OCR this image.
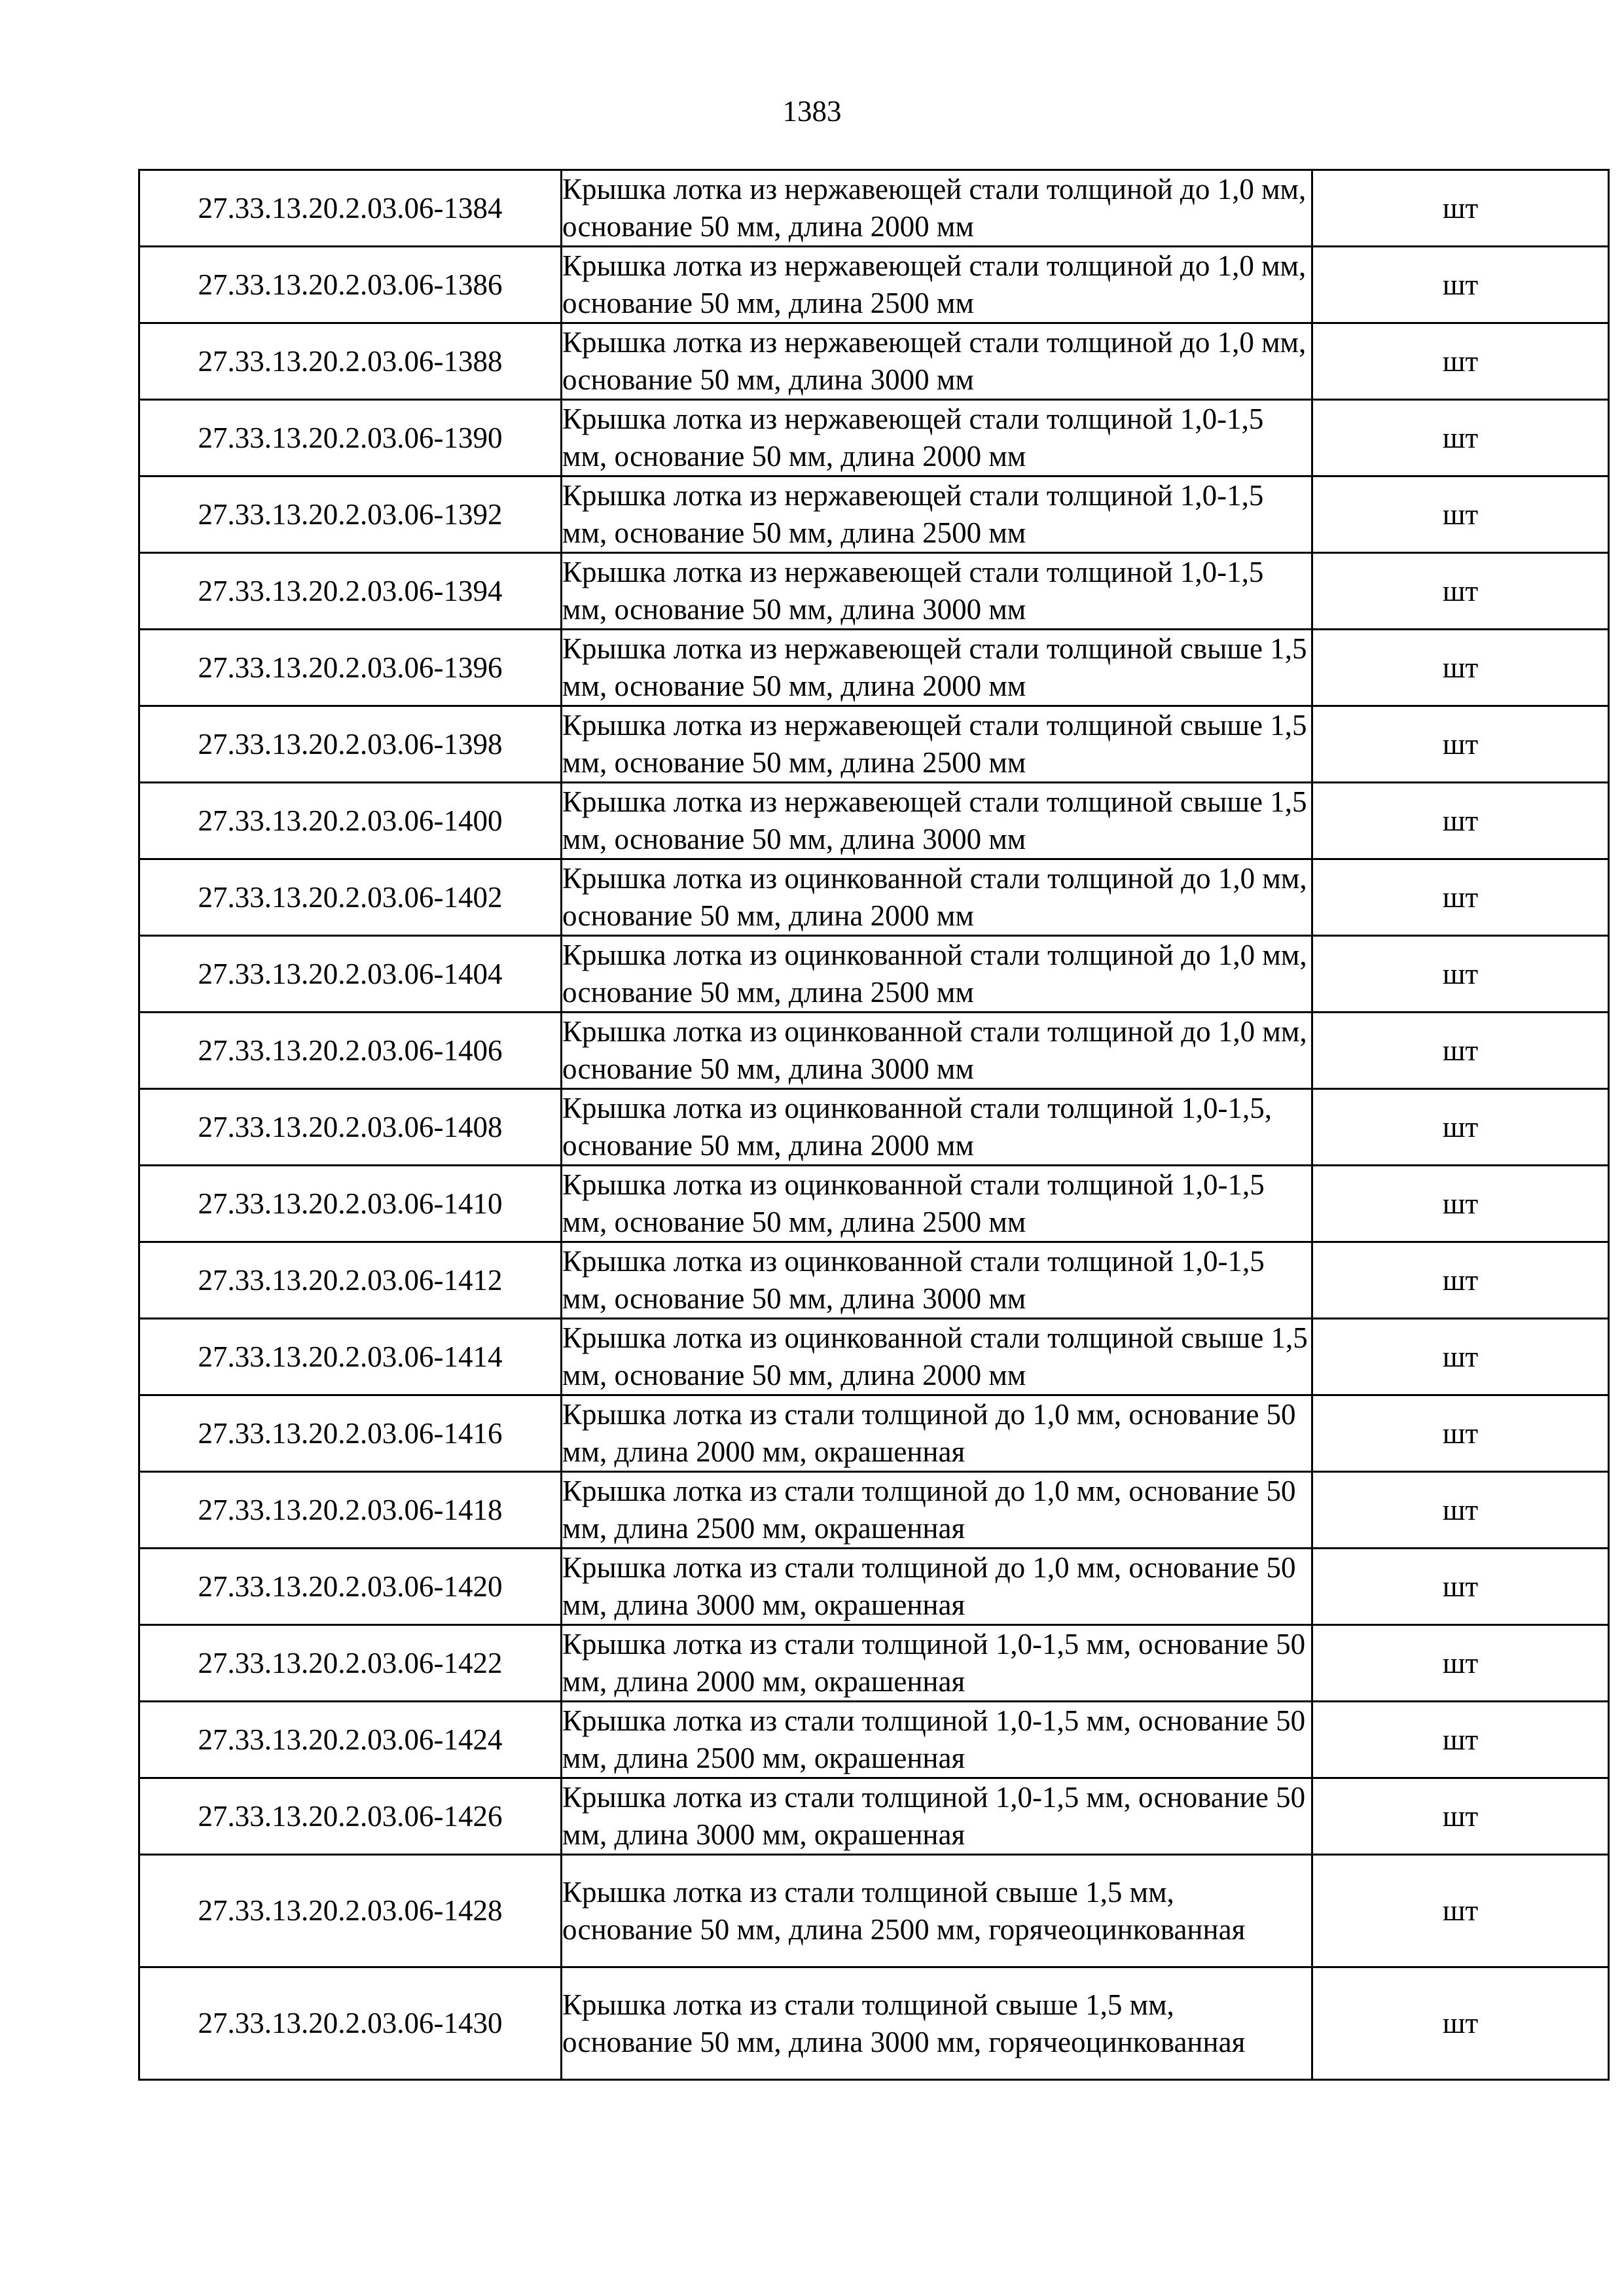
1383
27.33.13.20.2.03.06-1384	Крышка лотка из нержавеющей стали толщиной до 1,0 мм, основание 50 мм, длина 2000 мм	шт
27.33.13.20.2.03.06-1386	Крышка лотка из нержавеющей стали толщиной до 1,0 мм, основание 50 мм, длина 2500 мм	шт
27.33.13.20.2.03.06-1388	Крышка лотка из нержавеющей стали толщиной до 1,0 мм, основание 50 мм, длина 3000 мм	шт
27.33.13.20.2.03.06-1390	Крышка лотка из нержавеющей стали толщиной 1,0-1,5 мм, основание 50 мм, длина 2000 мм	шт
27.33.13.20.2.03.06-1392	Крышка лотка из нержавеющей стали толщиной 1,0-1,5 мм, основание 50 мм, длина 2500 мм	шт
27.33.13.20.2.03.06-1394	Крышка лотка из нержавеющей стали толщиной 1,0-1,5 мм, основание 50 мм, длина 3000 мм	шт
27.33.13.20.2.03.06-1396	Крышка лотка из нержавеющей стали толщиной свыше 1,5 мм, основание 50 мм, длина 2000 мм	шт
27.33.13.20.2.03.06-1398	Крышка лотка из нержавеющей стали толщиной свыше 1,5 мм, основание 50 мм, длина 2500 мм	шт
27.33.13.20.2.03.06-1400	Крышка лотка из нержавеющей стали толщиной свыше 1,5 мм, основание 50 мм, длина 3000 мм	шт
27.33.13.20.2.03.06-1402	Крышка лотка из оцинкованной стали толщиной до 1,0 мм, основание 50 мм, длина 2000 мм	шт
27.33.13.20.2.03.06-1404	Крышка лотка из оцинкованной стали толщиной до 1,0 мм, основание 50 мм, длина 2500 мм	шт
27.33.13.20.2.03.06-1406	Крышка лотка из оцинкованной стали толщиной до 1,0 мм, основание 50 мм, длина 3000 мм	шт
27.33.13.20.2.03.06-1408	Крышка лотка из оцинкованной стали толщиной 1,0-1,5, основание 50 мм, длина 2000 мм	шт
27.33.13.20.2.03.06-1410	Крышка лотка из оцинкованной стали толщиной 1,0-1,5 мм, основание 50 мм, длина 2500 мм	шт
27.33.13.20.2.03.06-1412	Крышка лотка из оцинкованной стали толщиной 1,0-1,5 мм, основание 50 мм, длина 3000 мм	шт
27.33.13.20.2.03.06-1414	Крышка лотка из оцинкованной стали толщиной свыше 1,5 мм, основание 50 мм, длина 2000 мм	шт
27.33.13.20.2.03.06-1416	Крышка лотка из стали толщиной до 1,0 мм, основание 50 мм, длина 2000 мм, окрашенная	шт
27.33.13.20.2.03.06-1418	Крышка лотка из стали толщиной до 1,0 мм, основание 50 мм, длина 2500 мм, окрашенная	шт
27.33.13.20.2.03.06-1420	Крышка лотка из стали толщиной до 1,0 мм, основание 50 мм, длина 3000 мм, окрашенная	шт
27.33.13.20.2.03.06-1422	Крышка лотка из стали толщиной 1,0-1,5 мм, основание 50 мм, длина 2000 мм, окрашенная	шт
27.33.13.20.2.03.06-1424	Крышка лотка из стали толщиной 1,0-1,5 мм, основание 50 мм, длина 2500 мм, окрашенная	шт
27.33.13.20.2.03.06-1426	Крышка лотка из стали толщиной 1,0-1,5 мм, основание 50 мм, длина 3000 мм, окрашенная	шт
27.33.13.20.2.03.06-1428	Крышка лотка из стали толщиной свыше 1,5 мм, основание 50 мм, длина 2500 мм, горячеоцинкованная	шт
27.33.13.20.2.03.06-1430	Крышка лотка из стали толщиной свыше 1,5 мм, основание 50 мм, длина 3000 мм, горячеоцинкованная	шт
